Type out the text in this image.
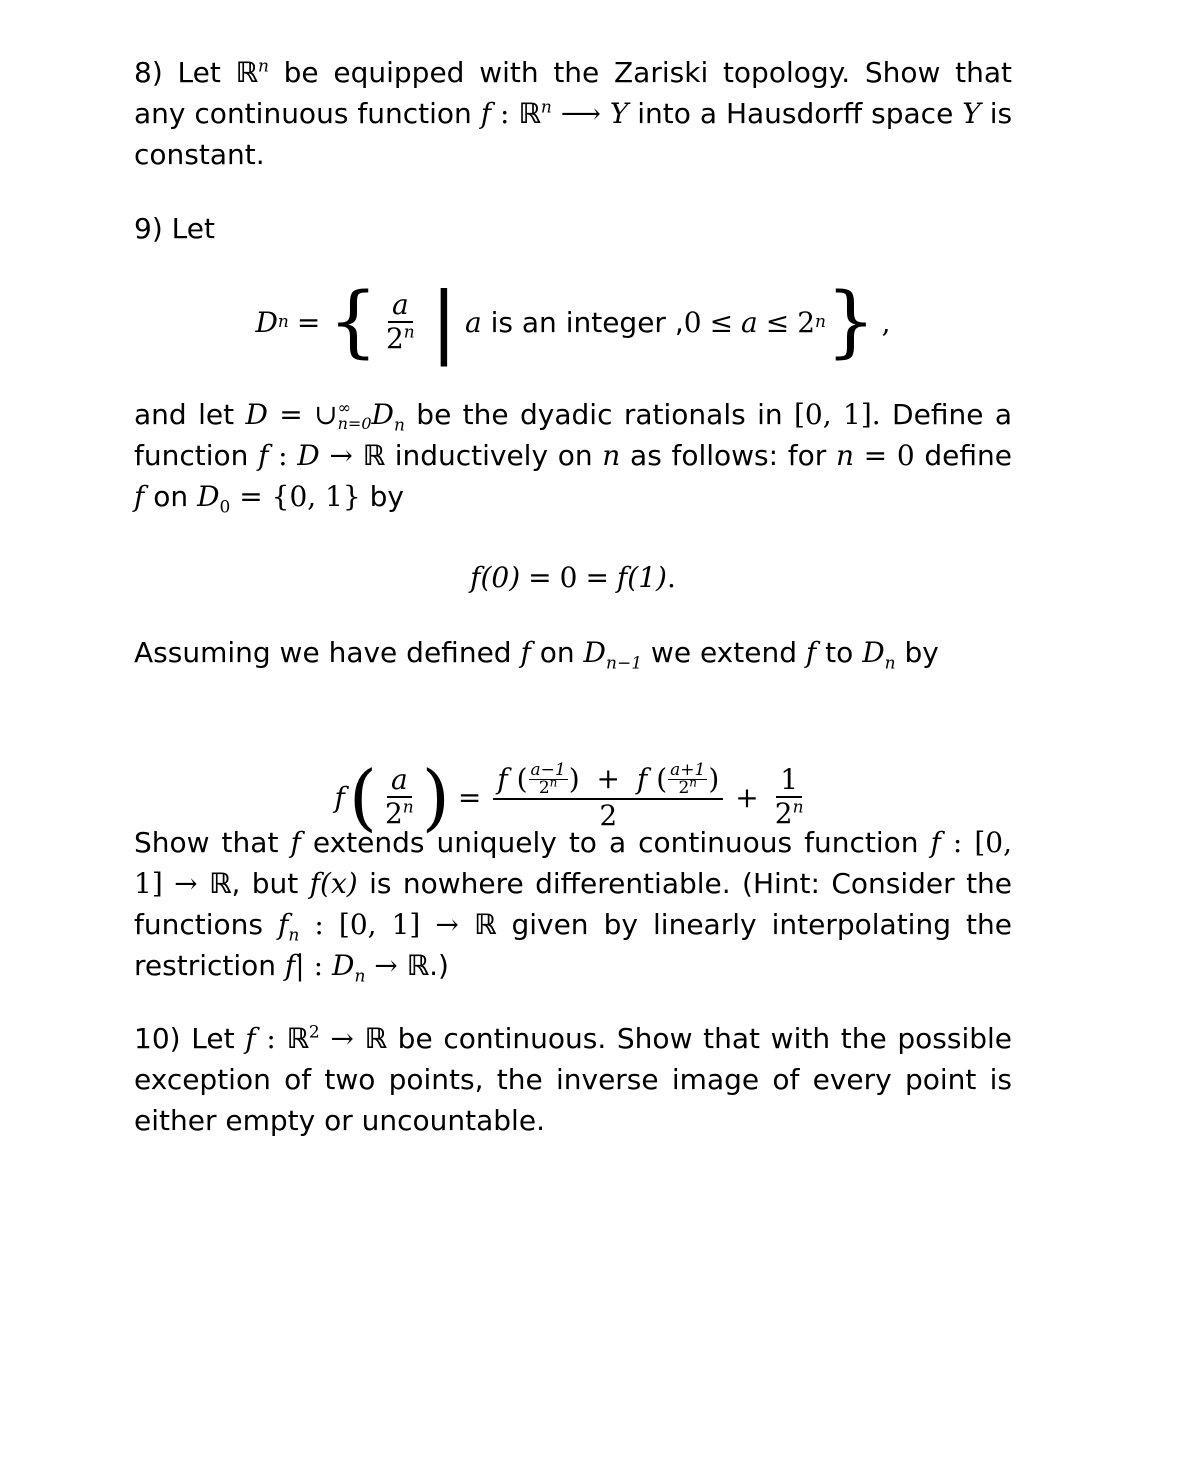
8) Let ℝ$^n$ be equipped with the Zariski topology. Show that any continuous function f : ℝ$^n$ ⟶ Y into a Hausdorff space Y is constant.

9) Let

D n = { $\frac{a}{2^n}$ | a
is an integer , 0 ≤ a ≤ 2 n } ,

and let D = ∪ ∞
n=0 $D_n$ be the dyadic rationals in [0, 1]. Define a function f : D → ℝ inductively on n as follows: for n = 0 define f on $D_0 = \{0$, 1} by

f(0) = 0 = f(1) .

Assuming we have defined f on $D_{n-1}$ we extend f to $D_n$ by

f ( $\frac{a}{2^n}$ ) = $\frac{f ( \frac{a-1}{2^n} ) + f ( \frac{a+1}{2^n} )}{2} + \frac{1}{2^n}$

Show that f extends uniquely to a continuous function f : [0, 1] → ℝ, but f(x) is nowhere differentiable. (Hint: Consider the functions $f_n$ : [0, 1] → ℝ given by linearly interpolating the restriction f| : $D_n$ → ℝ.)

10) Let f : ℝ$^2$ → ℝ be continuous. Show that with the possible exception of two points, the inverse image of every point is either empty or uncountable.
